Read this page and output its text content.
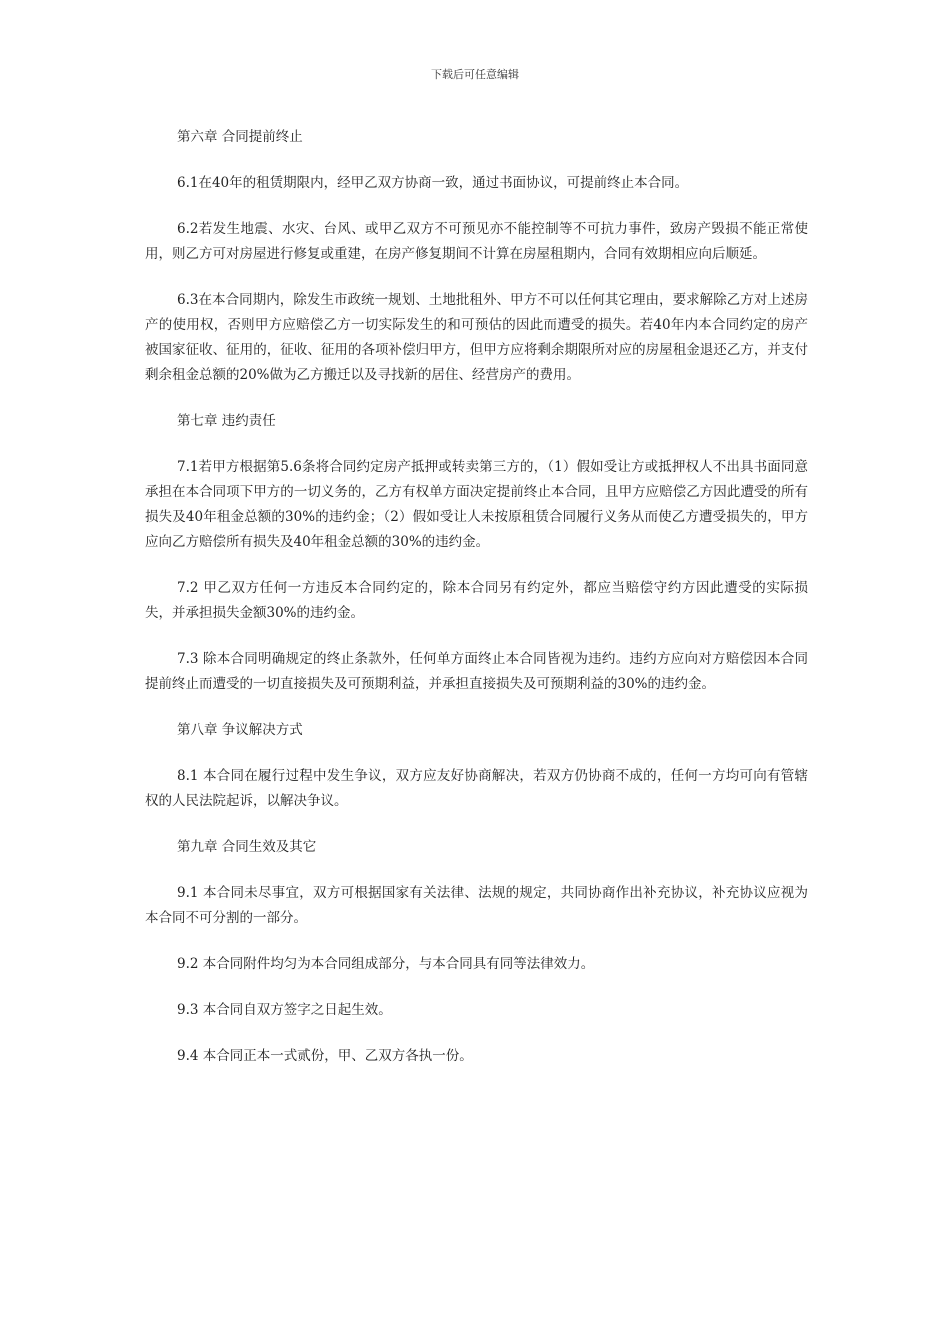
下载后可任意编辑

第六章 合同提前终止

6.1在40年的租赁期限内，经甲乙双方协商一致，通过书面协议，可提前终止本合同。

6.2若发生地震、水灾、台风、或甲乙双方不可预见亦不能控制等不可抗力事件，致房产毁损不能正常使用，则乙方可对房屋进行修复或重建，在房产修复期间不计算在房屋租期内，合同有效期相应向后顺延。

6.3在本合同期内，除发生市政统一规划、土地批租外、甲方不可以任何其它理由，要求解除乙方对上述房产的使用权，否则甲方应赔偿乙方一切实际发生的和可预估的因此而遭受的损失。若40年内本合同约定的房产被国家征收、征用的，征收、征用的各项补偿归甲方，但甲方应将剩余期限所对应的房屋租金退还乙方，并支付剩余租金总额的20%做为乙方搬迁以及寻找新的居住、经营房产的费用。

第七章 违约责任

7.1若甲方根据第5.6条将合同约定房产抵押或转卖第三方的，（1）假如受让方或抵押权人不出具书面同意承担在本合同项下甲方的一切义务的，乙方有权单方面决定提前终止本合同，且甲方应赔偿乙方因此遭受的所有损失及40年租金总额的30%的违约金；（2）假如受让人未按原租赁合同履行义务从而使乙方遭受损失的，甲方应向乙方赔偿所有损失及40年租金总额的30%的违约金。

7.2 甲乙双方任何一方违反本合同约定的，除本合同另有约定外，都应当赔偿守约方因此遭受的实际损失，并承担损失金额30%的违约金。

7.3 除本合同明确规定的终止条款外，任何单方面终止本合同皆视为违约。违约方应向对方赔偿因本合同提前终止而遭受的一切直接损失及可预期利益，并承担直接损失及可预期利益的30%的违约金。

第八章 争议解决方式

8.1 本合同在履行过程中发生争议，双方应友好协商解决，若双方仍协商不成的，任何一方均可向有管辖权的人民法院起诉，以解决争议。

第九章 合同生效及其它

9.1 本合同未尽事宜，双方可根据国家有关法律、法规的规定，共同协商作出补充协议，补充协议应视为本合同不可分割的一部分。

9.2 本合同附件均匀为本合同组成部分，与本合同具有同等法律效力。

9.3 本合同自双方签字之日起生效。

9.4 本合同正本一式贰份，甲、乙双方各执一份。
